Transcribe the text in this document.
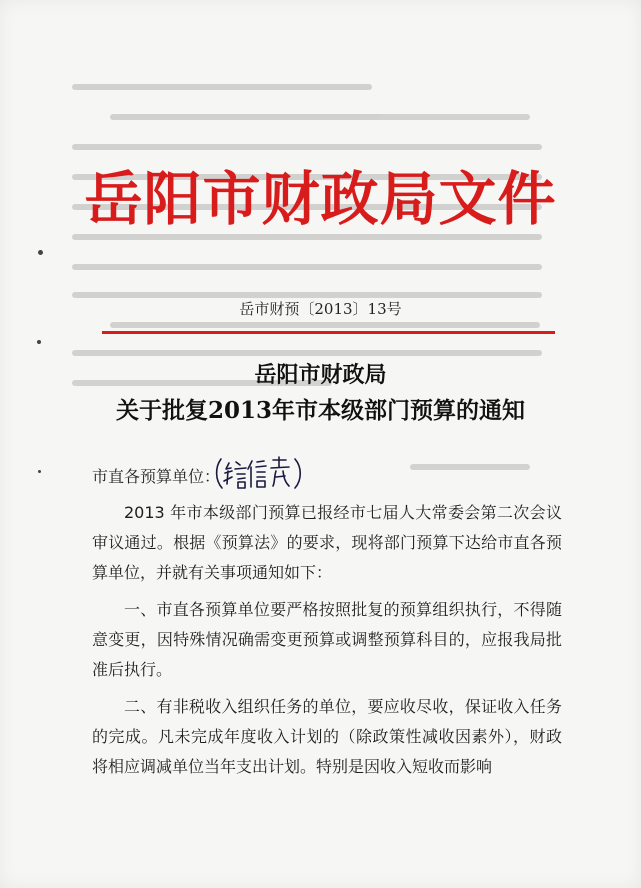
岳阳市财政局文件
岳市财预〔2013〕13号
岳阳市财政局
关于批复2013年市本级部门预算的通知
市直各预算单位：

2013 年市本级部门预算已报经市七届人大常委会第二次会议审议通过。根据《预算法》的要求，现将部门预算下达给市直各预算单位，并就有关事项通知如下：

一、市直各预算单位要严格按照批复的预算组织执行，不得随意变更，因特殊情况确需变更预算或调整预算科目的，应报我局批准后执行。

二、有非税收入组织任务的单位，要应收尽收，保证收入任务的完成。凡未完成年度收入计划的（除政策性减收因素外），财政将相应调减单位当年支出计划。特别是因收入短收而影响
